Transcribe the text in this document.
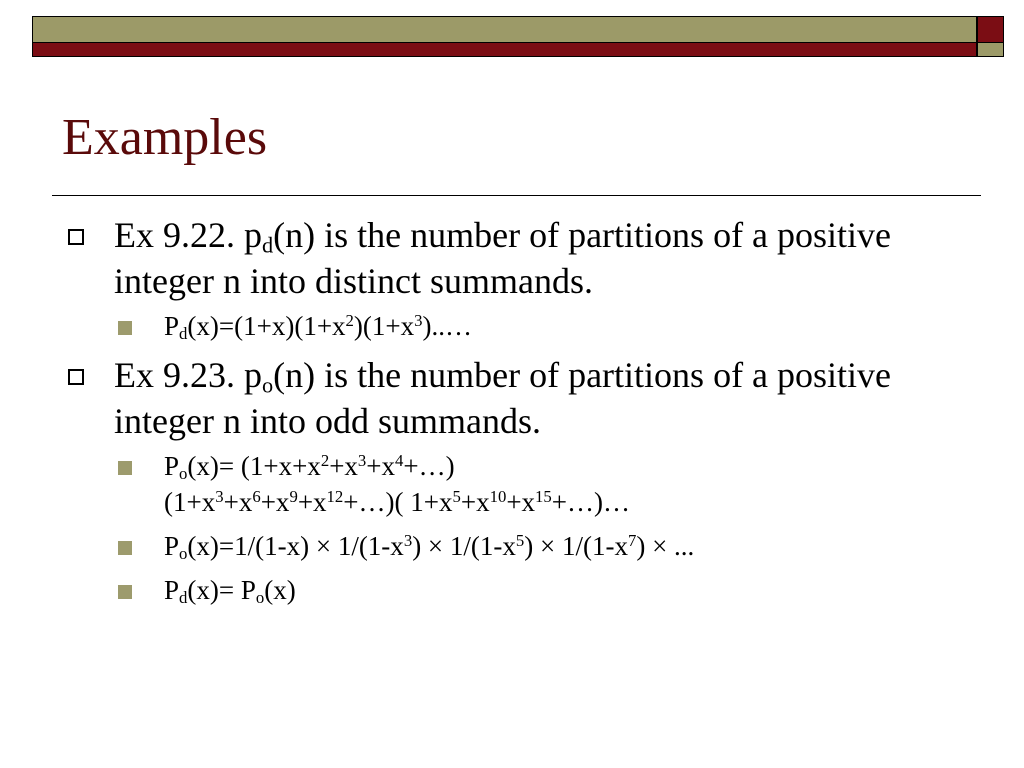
Examples
Ex 9.22. $p_d(n)$ is the number of partitions of a positive integer n into distinct summands.
$P_d(x)=(1+x)(1+x^2)(1+x^3)..\dots$
Ex 9.23. $p_o(n)$ is the number of partitions of a positive integer n into odd summands.
$P_o(x)=$ $(1+x+x^2+x^3+x^4+\dots)$
$(1+x^3+x^6+x^9+x^{12}+\dots)$( $1+x^5+x^{10}+x^{15}+\dots)\dots$
$P_o(x)=1/(1-x) \times 1/(1-x^3) \times 1/(1-x^5) \times 1/(1-x^7)$ × ...
$P_d(x)= P_o(x)$
